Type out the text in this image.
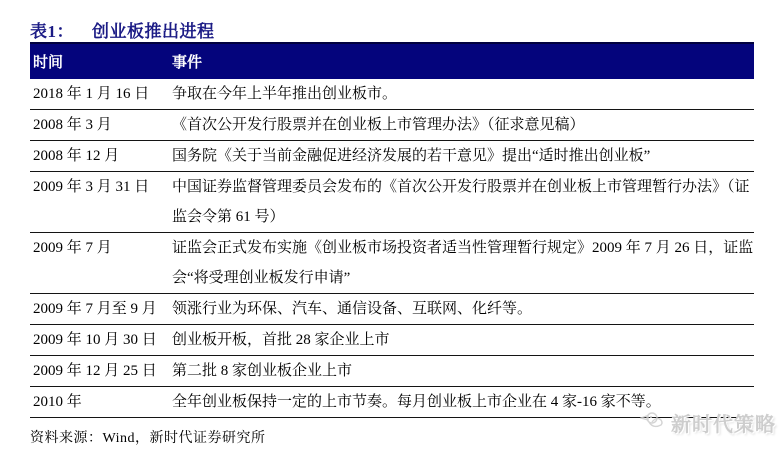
表1： 创业板推出进程
时间	事件
2018 年 1 月 16 日	争取在今年上半年推出创业板市。
2008 年 3 月	《首次公开发行股票并在创业板上市管理办法》（征求意见稿）
2008 年 12 月	国务院《关于当前金融促进经济发展的若干意见》提出“适时推出创业板”
2009 年 3 月 31 日	中国证券监督管理委员会发布的《首次公开发行股票并在创业板上市管理暂行办法》（证监会令第 61 号）
2009 年 7 月	证监会正式发布实施《创业板市场投资者适当性管理暂行规定》2009 年 7 月 26 日，证监会“将受理创业板发行申请”
2009 年 7 月至 9 月	领涨行业为环保、汽车、通信设备、互联网、化纤等。
2009 年 10 月 30 日	创业板开板，首批 28 家企业上市
2009 年 12 月 25 日	第二批 8 家创业板企业上市
2010 年	全年创业板保持一定的上市节奏。每月创业板上市企业在 4 家-16 家不等。
资料来源：Wind，新时代证券研究所
新时代策略
